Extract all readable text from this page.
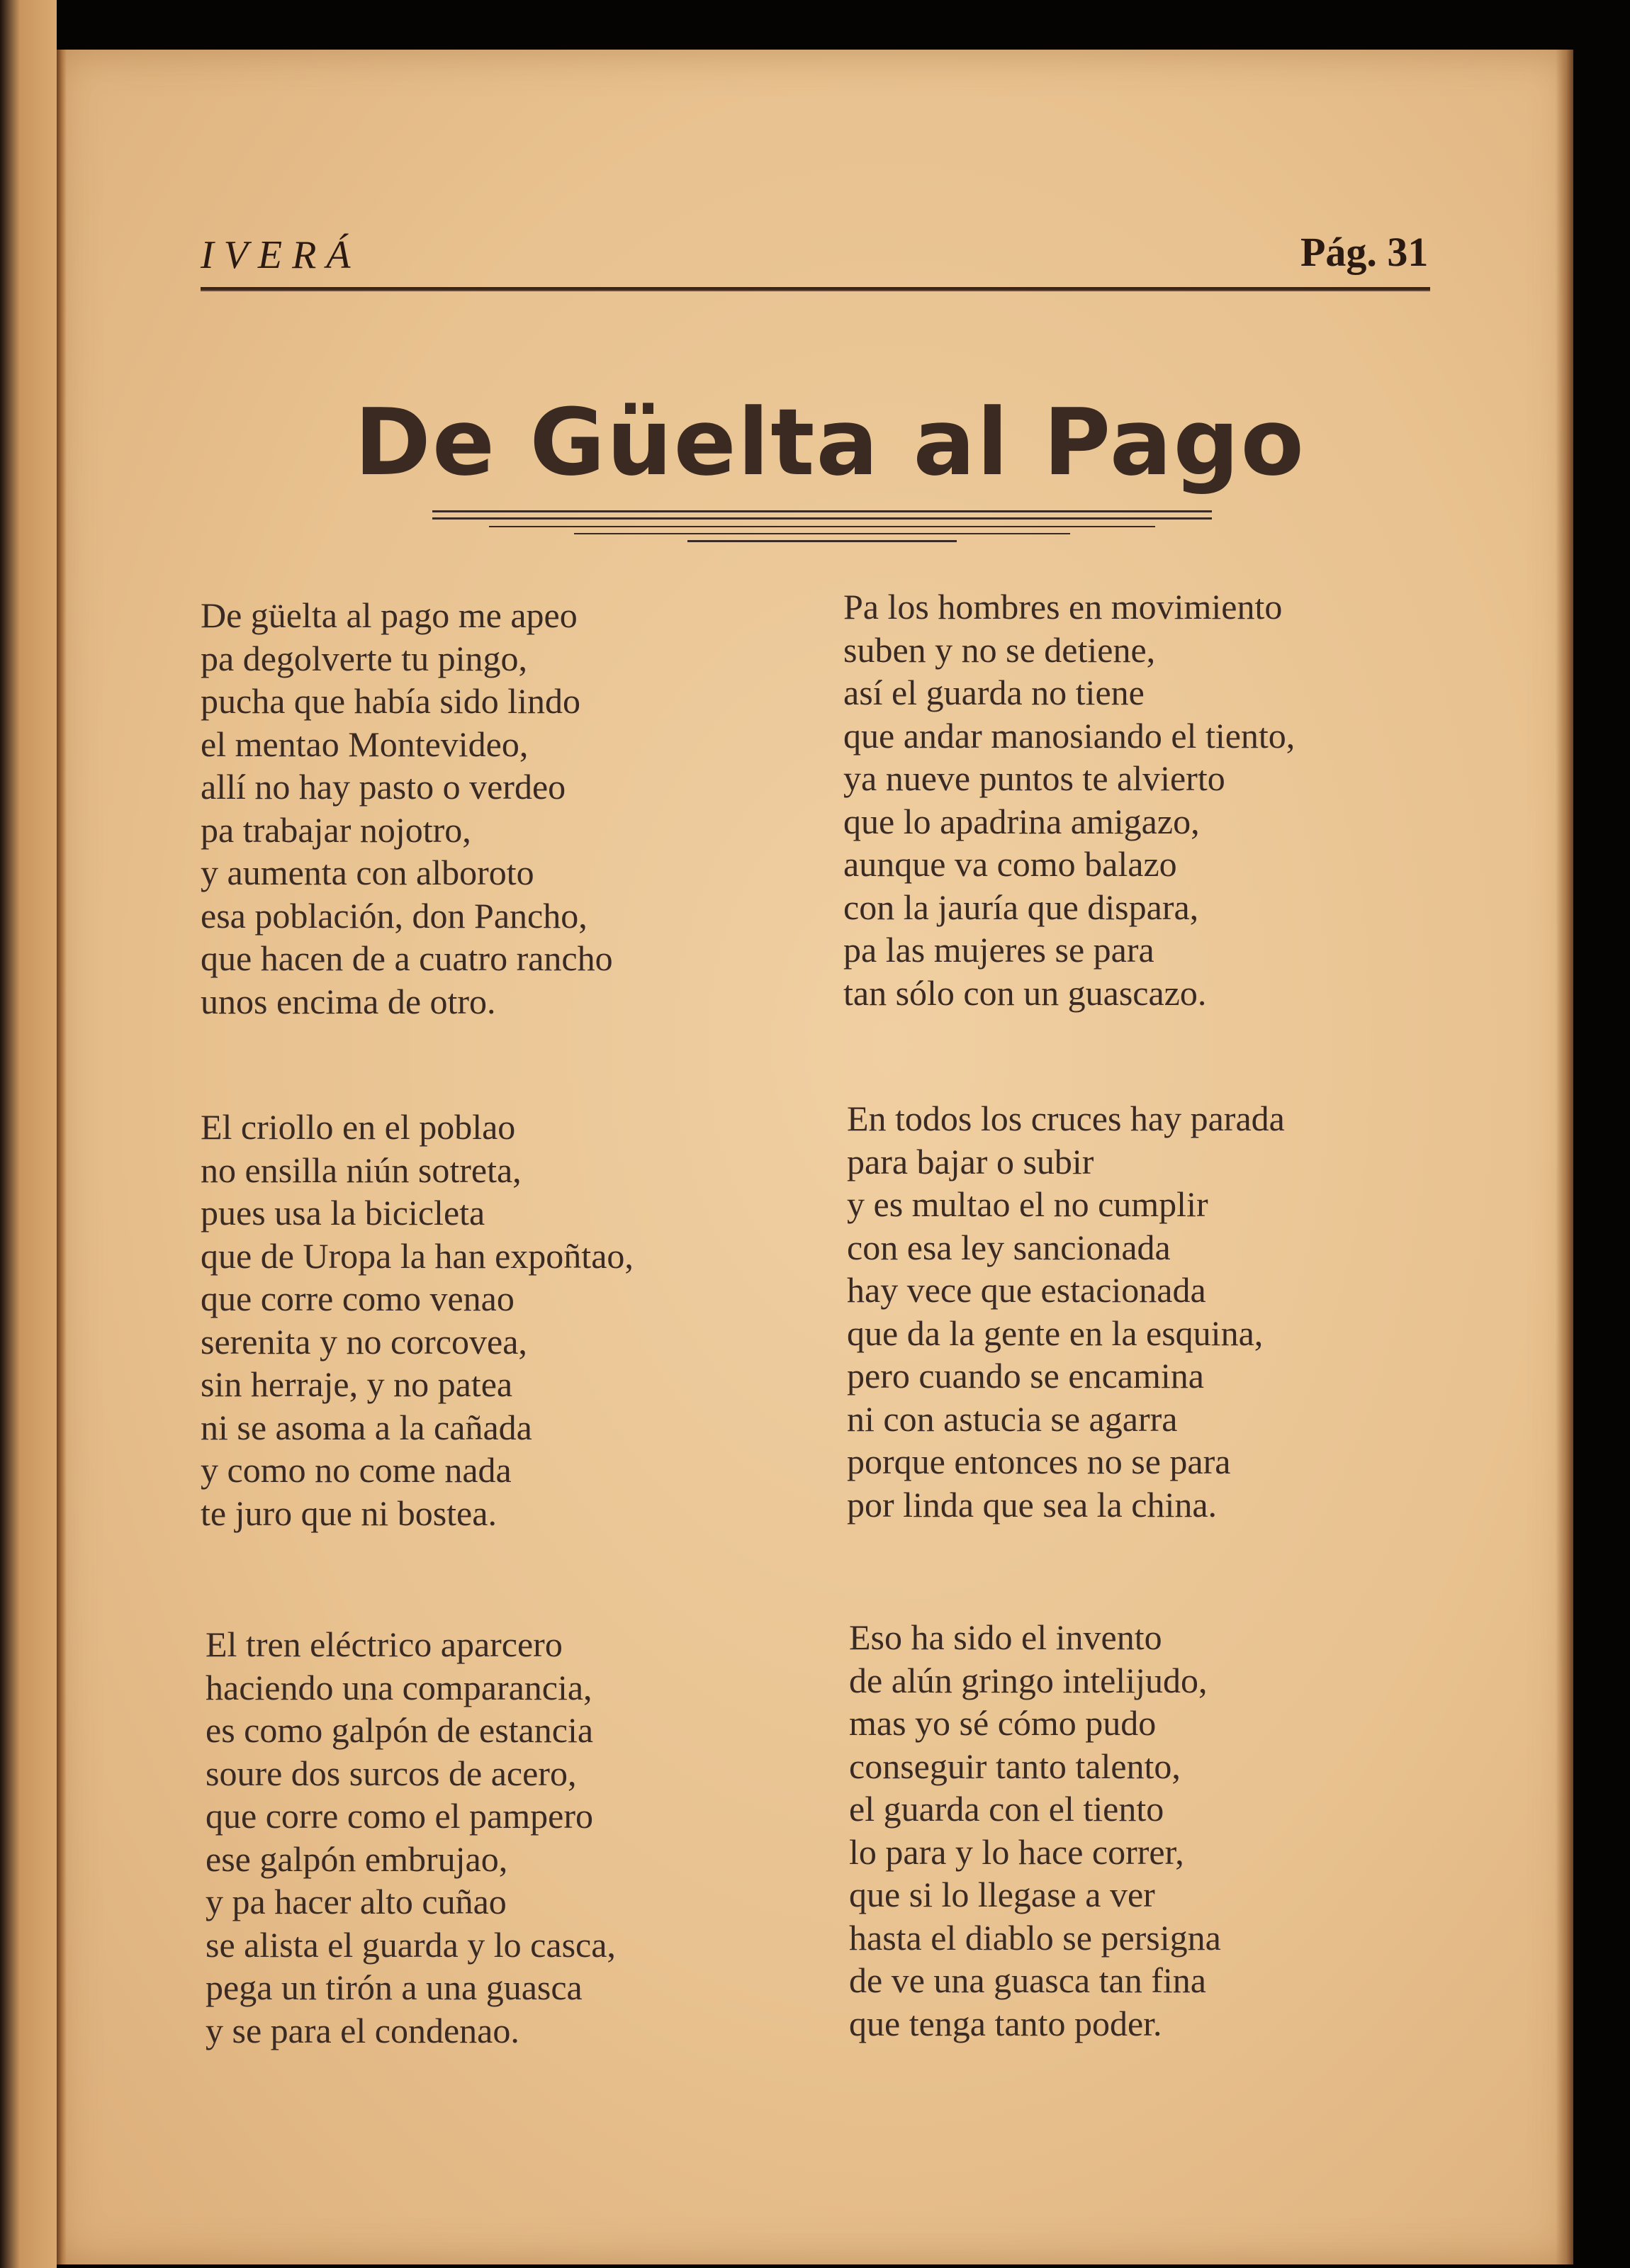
IVERÁ	Pág. 31
De Güelta al Pago
De güelta al pago me apeo
pa degolverte tu pingo,
pucha que había sido lindo
el mentao Montevideo,
allí no hay pasto o verdeo
pa trabajar nojotro,
y aumenta con alboroto
esa población, don Pancho,
que hacen de a cuatro rancho
unos encima de otro.
Pa los hombres en movimiento
suben y no se detiene,
así el guarda no tiene
que andar manosiando el tiento,
ya nueve puntos te alvierto
que lo apadrina amigazo,
aunque va como balazo
con la jauría que dispara,
pa las mujeres se para
tan sólo con un guascazo.
El criollo en el poblao
no ensilla niún sotreta,
pues usa la bicicleta
que de Uropa la han expoñtao,
que corre como venao
serenita y no corcovea,
sin herraje, y no patea
ni se asoma a la cañada
y como no come nada
te juro que ni bostea.
En todos los cruces hay parada
para bajar o subir
y es multao el no cumplir
con esa ley sancionada
hay vece que estacionada
que da la gente en la esquina,
pero cuando se encamina
ni con astucia se agarra
porque entonces no se para
por linda que sea la china.
El tren eléctrico aparcero
haciendo una comparancia,
es como galpón de estancia
soure dos surcos de acero,
que corre como el pampero
ese galpón embrujao,
y pa hacer alto cuñao
se alista el guarda y lo casca,
pega un tirón a una guasca
y se para el condenao.
Eso ha sido el invento
de alún gringo intelijudo,
mas yo sé cómo pudo
conseguir tanto talento,
el guarda con el tiento
lo para y lo hace correr,
que si lo llegase a ver
hasta el diablo se persigna
de ve una guasca tan fina
que tenga tanto poder.
